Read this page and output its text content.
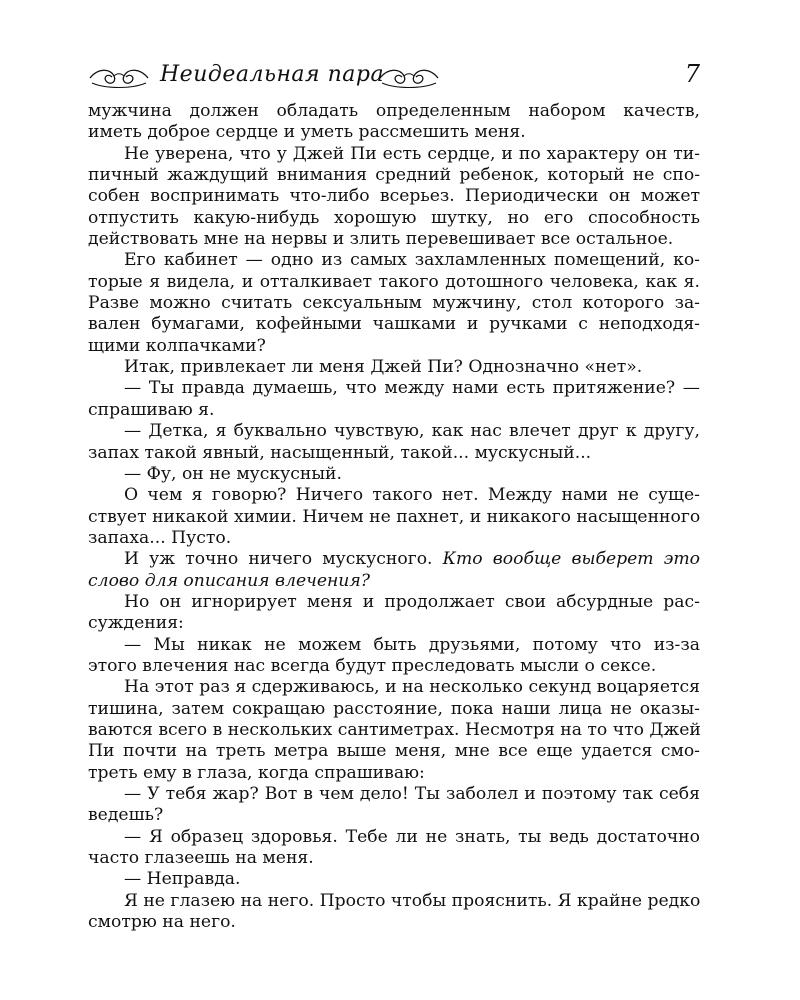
Неидеальная пара	7
мужчина должен обладать определенным набором качеств,
иметь доброе сердце и уметь рассмешить меня.
Не уверена, что у Джей Пи есть сердце, и по характеру он ти-
пичный жаждущий внимания средний ребенок, который не спо-
собен воспринимать что-либо всерьез. Периодически он может
отпустить какую-нибудь хорошую шутку, но его способность
действовать мне на нервы и злить перевешивает все остальное.
Его кабинет — одно из самых захламленных помещений, ко-
торые я видела, и отталкивает такого дотошного человека, как я.
Разве можно считать сексуальным мужчину, стол которого за-
вален бумагами, кофейными чашками и ручками с неподходя-
щими колпачками?
Итак, привлекает ли меня Джей Пи? Однозначно «нет».
— Ты правда думаешь, что между нами есть притяжение? —
спрашиваю я.
— Детка, я буквально чувствую, как нас влечет друг к другу,
запах такой явный, насыщенный, такой... мускусный...
— Фу, он не мускусный.
О чем я говорю? Ничего такого нет. Между нами не суще-
ствует никакой химии. Ничем не пахнет, и никакого насыщенного
запаха... Пусто.
И уж точно ничего мускусного. Кто вообще выберет это
слово для описания влечения?
Но он игнорирует меня и продолжает свои абсурдные рас-
суждения:
— Мы никак не можем быть друзьями, потому что из-за
этого влечения нас всегда будут преследовать мысли о сексе.
На этот раз я сдерживаюсь, и на несколько секунд воцаряется
тишина, затем сокращаю расстояние, пока наши лица не оказы-
ваются всего в нескольких сантиметрах. Несмотря на то что Джей
Пи почти на треть метра выше меня, мне все еще удается смо-
треть ему в глаза, когда спрашиваю:
— У тебя жар? Вот в чем дело! Ты заболел и поэтому так себя
ведешь?
— Я образец здоровья. Тебе ли не знать, ты ведь достаточно
часто глазеешь на меня.
— Неправда.
Я не глазею на него. Просто чтобы прояснить. Я крайне редко
смотрю на него.
